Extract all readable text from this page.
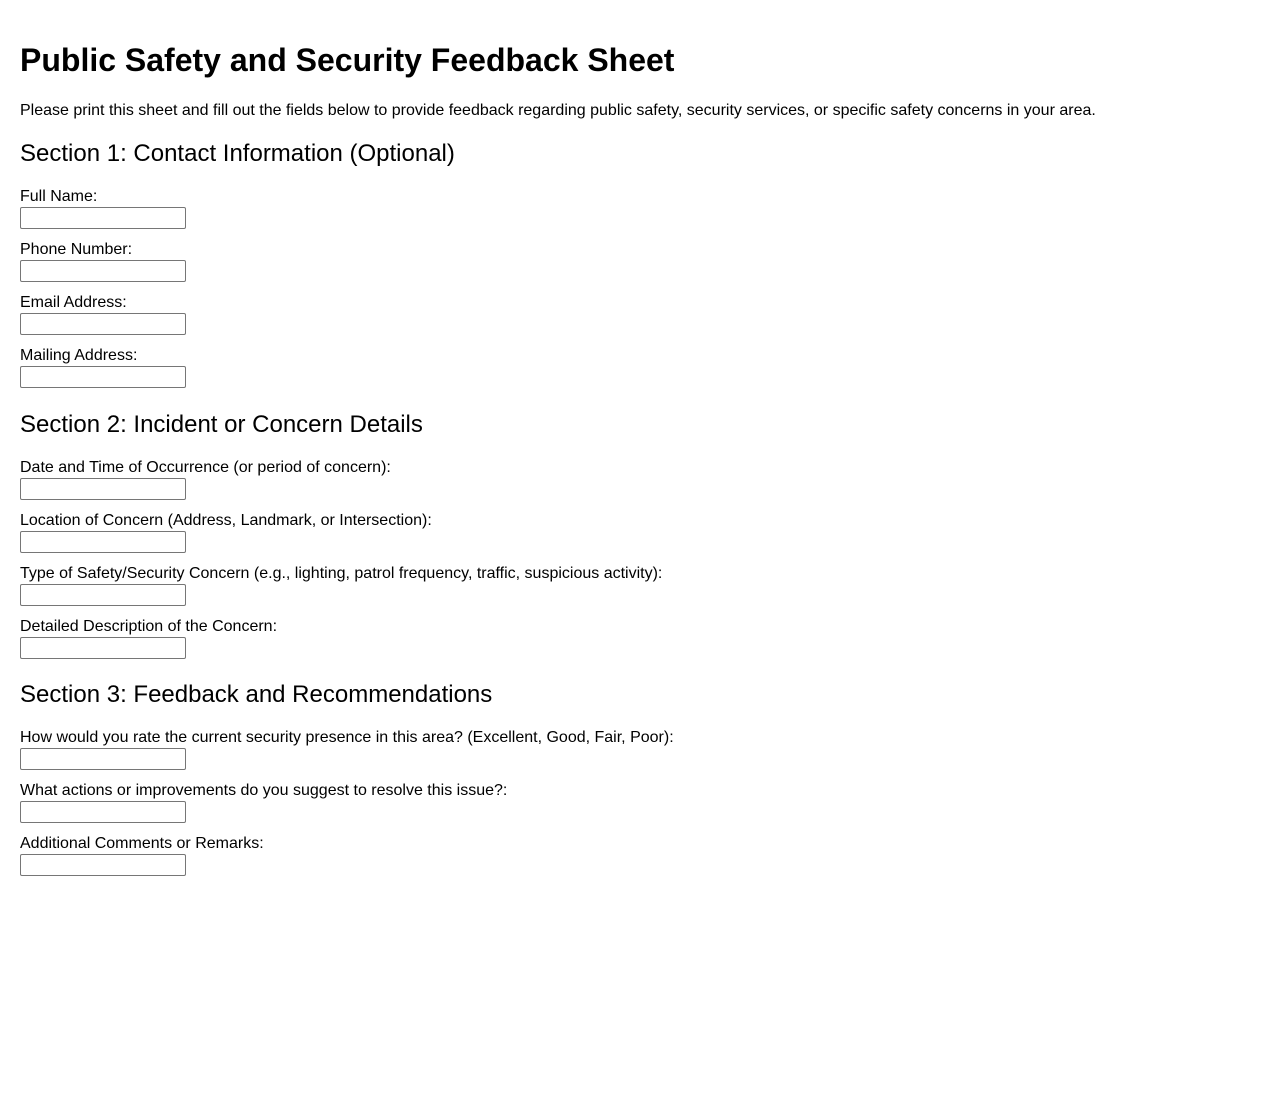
Public Safety and Security Feedback Sheet

Please print this sheet and fill out the fields below to provide feedback regarding public safety, security services, or specific safety concerns in your area.

Section 1: Contact Information (Optional)
Full Name:
Phone Number:
Email Address:
Mailing Address:
Section 2: Incident or Concern Details
Date and Time of Occurrence (or period of concern):
Location of Concern (Address, Landmark, or Intersection):
Type of Safety/Security Concern (e.g., lighting, patrol frequency, traffic, suspicious activity):
Detailed Description of the Concern:
Section 3: Feedback and Recommendations
How would you rate the current security presence in this area? (Excellent, Good, Fair, Poor):
What actions or improvements do you suggest to resolve this issue?:
Additional Comments or Remarks:
